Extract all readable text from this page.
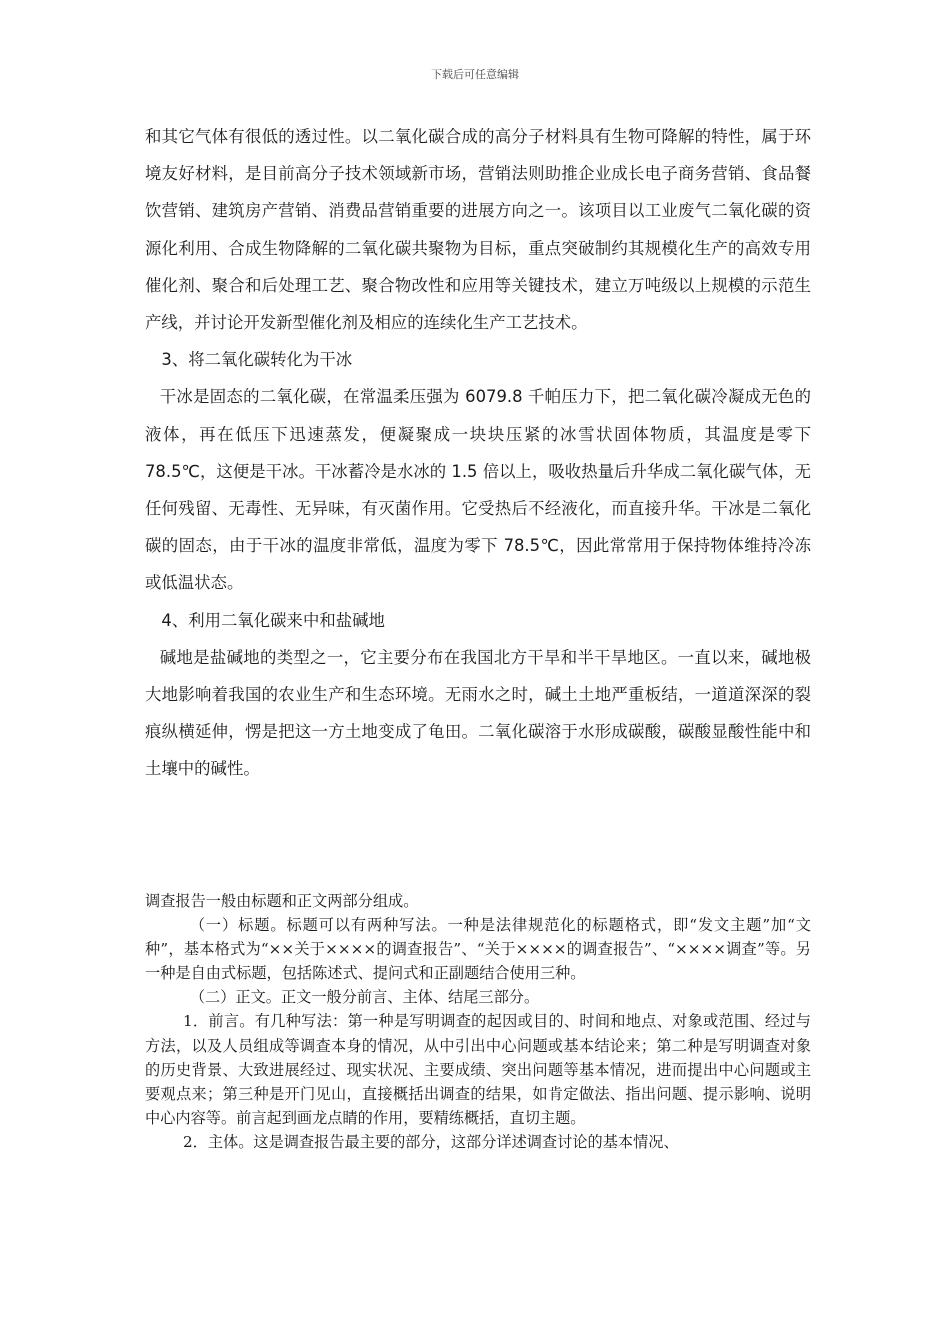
下载后可任意编辑

和其它气体有很低的透过性。以二氧化碳合成的高分子材料具有生物可降解的特性，属于环境友好材料，是目前高分子技术领域新市场，营销法则助推企业成长电子商务营销、食品餐饮营销、建筑房产营销、消费品营销重要的进展方向之一。该项目以工业废气二氧化碳的资源化利用、合成生物降解的二氧化碳共聚物为目标，重点突破制约其规模化生产的高效专用催化剂、聚合和后处理工艺、聚合物改性和应用等关键技术，建立万吨级以上规模的示范生产线，并讨论开发新型催化剂及相应的连续化生产工艺技术。

3、将二氧化碳转化为干冰

干冰是固态的二氧化碳，在常温柔压强为 6079.8 千帕压力下，把二氧化碳冷凝成无色的液体，再在低压下迅速蒸发，便凝聚成一块块压紧的冰雪状固体物质，其温度是零下 78.5℃，这便是干冰。干冰蓄冷是水冰的 1.5 倍以上，吸收热量后升华成二氧化碳气体，无任何残留、无毒性、无异味，有灭菌作用。它受热后不经液化，而直接升华。干冰是二氧化碳的固态，由于干冰的温度非常低，温度为零下 78.5℃，因此常常用于保持物体维持冷冻或低温状态。

4、利用二氧化碳来中和盐碱地

碱地是盐碱地的类型之一，它主要分布在我国北方干旱和半干旱地区。一直以来，碱地极大地影响着我国的农业生产和生态环境。无雨水之时，碱土土地严重板结，一道道深深的裂痕纵横延伸，愣是把这一方土地变成了龟田。二氧化碳溶于水形成碳酸，碳酸显酸性能中和土壤中的碱性。

调查报告一般由标题和正文两部分组成。

（一）标题。标题可以有两种写法。一种是法律规范化的标题格式，即“发文主题”加“文种”，基本格式为“××关于××××的调查报告”、“关于××××的调查报告”、“××××调查”等。另一种是自由式标题，包括陈述式、提问式和正副题结合使用三种。

（二）正文。正文一般分前言、主体、结尾三部分。

1．前言。有几种写法：第一种是写明调查的起因或目的、时间和地点、对象或范围、经过与方法，以及人员组成等调查本身的情况，从中引出中心问题或基本结论来；第二种是写明调查对象的历史背景、大致进展经过、现实状况、主要成绩、突出问题等基本情况，进而提出中心问题或主要观点来；第三种是开门见山，直接概括出调查的结果，如肯定做法、指出问题、提示影响、说明中心内容等。前言起到画龙点睛的作用，要精练概括，直切主题。

2．主体。这是调查报告最主要的部分，这部分详述调查讨论的基本情况、
